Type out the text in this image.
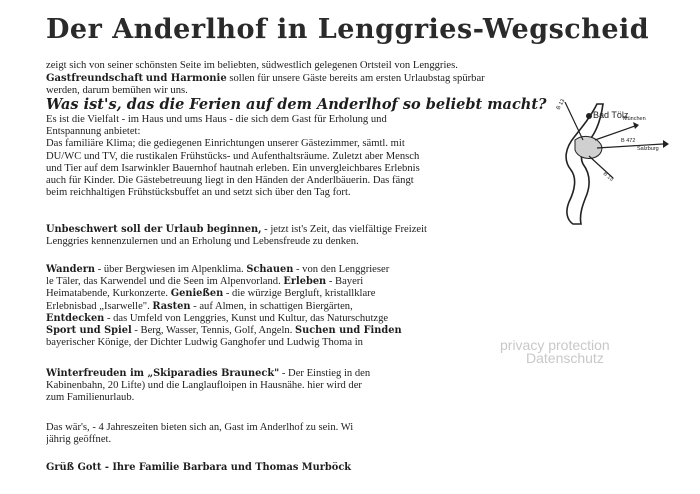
Der Anderlhof in Lenggries-Wegscheid
zeigt sich von seiner schönsten Seite im beliebten, südwestlich gelegenen Ortsteil von Lenggries. Gastfreundschaft und Harmonie sollen für unsere Gäste bereits am ersten Urlaubstag spürbar werden, darum bemühen wir uns.
Was ist's, das die Ferien auf dem Anderlhof so beliebt macht?
Es ist die Vielfalt - im Haus und ums Haus - die sich dem Gast für Erholung und
Entspannung anbietet:
Das familiäre Klima; die gediegenen Einrichtungen unserer Gästezimmer, sämtl. mit
DU/WC und TV, die rustikalen Frühstücks- und Aufenthaltsräume. Zuletzt aber Mensch
und Tier auf dem Isarwinkler Bauernhof hautnah erleben. Ein unvergleichbares Erlebnis
auch für Kinder. Die Gästebetreuung liegt in den Händen der Anderlbäuerin. Das fängt
beim reichhaltigen Frühstücksbuffet an und setzt sich über den Tag fort.
Unbeschwert soll der Urlaub beginnen, - jetzt ist's Zeit, das vielfältige Freizeit
Lenggries kennenzulernen und an Erholung und Lebensfreude zu denken.
Wandern - über Bergwiesen im Alpenklima. Schauen - von den Lenggrieser
le Täler, das Karwendel und die Seen im Alpenvorland. Erleben - Bayeri
Heimatabende, Kurkonzerte. Genießen - die würzige Bergluft, kristallklare
Erlebnisbad „Isarwelle". Rasten - auf Almen, in schattigen Biergärten,
Entdecken - das Umfeld von Lenggries, Kunst und Kultur, das Naturschutzge
Sport und Spiel - Berg, Wasser, Tennis, Golf, Angeln. Suchen und Finden
bayerischer Könige, der Dichter Ludwig Ganghofer und Ludwig Thoma in
Winterfreuden im „Skiparadies Brauneck" - Der Einstieg in den
Kabinenbahn, 20 Lifte) und die Langlaufloipen in Hausnähe. hier wird der
zum Familienurlaub.
Das wär's, - 4 Jahreszeiten bieten sich an, Gast im Anderlhof zu sein. Wi
jährig geöffnet.
Grüß Gott - Ihre Familie Barbara und Thomas Murböck
Bad Tölz
München
B 472
Salzburg
B 13
B 13
privacy protection
Datenschutz
